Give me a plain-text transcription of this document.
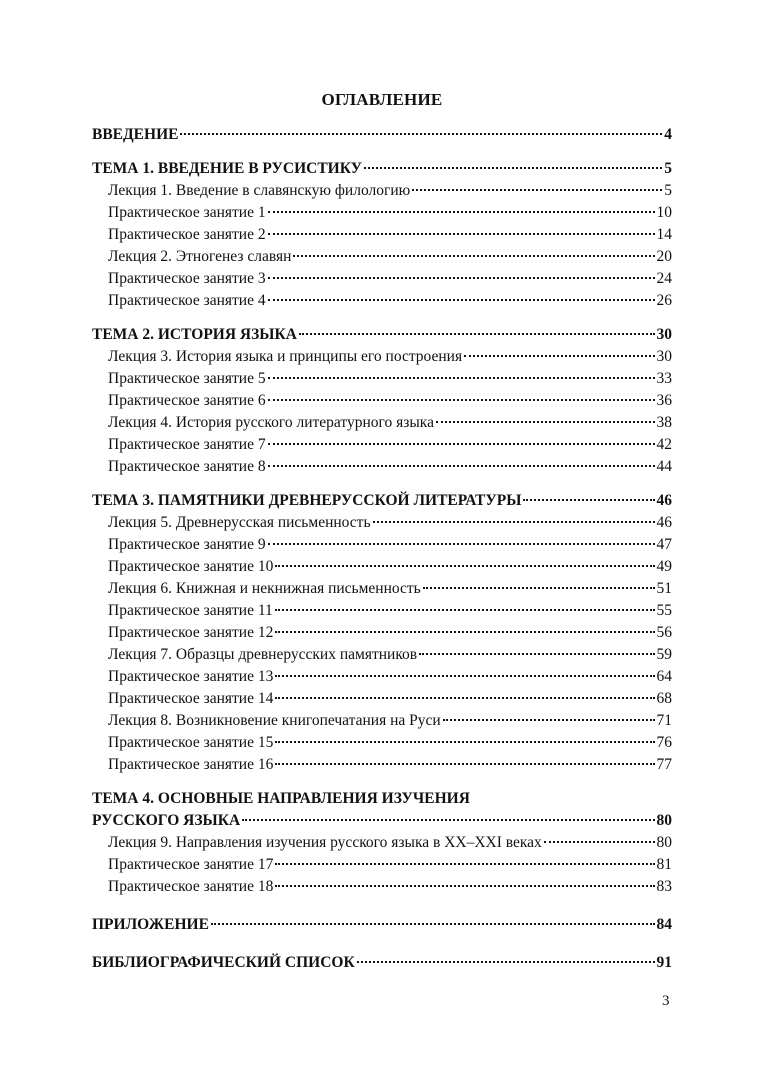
ОГЛАВЛЕНИЕ
ВВЕДЕНИЕ	4
ТЕМА 1. ВВЕДЕНИЕ В РУСИСТИКУ	5
Лекция 1. Введение в славянскую филологию	5
Практическое занятие 1	10
Практическое занятие 2	14
Лекция 2. Этногенез славян	20
Практическое занятие 3	24
Практическое занятие 4	26
ТЕМА 2. ИСТОРИЯ ЯЗЫКА	30
Лекция 3. История языка и принципы его построения	30
Практическое занятие 5	33
Практическое занятие 6	36
Лекция 4. История русского литературного языка	38
Практическое занятие 7	42
Практическое занятие 8	44
ТЕМА 3. ПАМЯТНИКИ ДРЕВНЕРУССКОЙ ЛИТЕРАТУРЫ	46
Лекция 5. Древнерусская письменность	46
Практическое занятие 9	47
Практическое занятие 10	49
Лекция 6. Книжная и некнижная письменность	51
Практическое занятие 11	55
Практическое занятие 12	56
Лекция 7. Образцы древнерусских памятников	59
Практическое занятие 13	64
Практическое занятие 14	68
Лекция 8. Возникновение книгопечатания на Руси	71
Практическое занятие 15	76
Практическое занятие 16	77
ТЕМА 4. ОСНОВНЫЕ НАПРАВЛЕНИЯ ИЗУЧЕНИЯ
РУССКОГО ЯЗЫКА	80
Лекция 9. Направления изучения русского языка в XX–XXI веках	80
Практическое занятие 17	81
Практическое занятие 18	83
ПРИЛОЖЕНИЕ	84
БИБЛИОГРАФИЧЕСКИЙ СПИСОК	91
3
